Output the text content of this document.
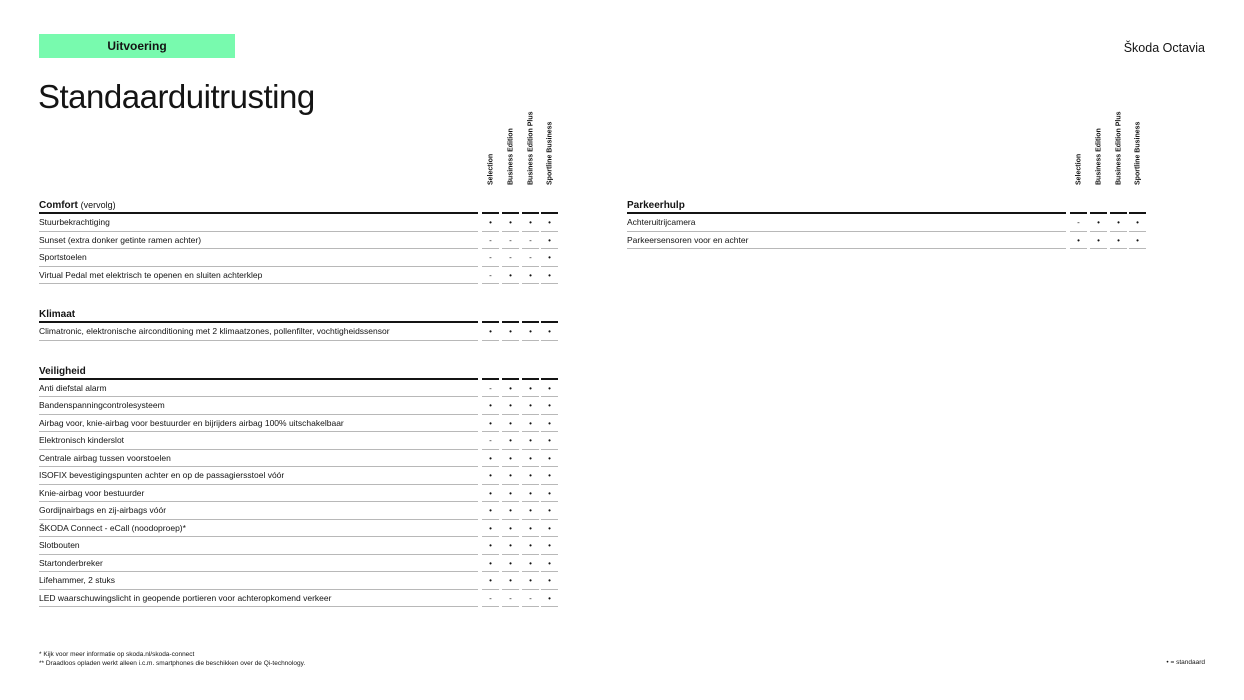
Uitvoering	Škoda Octavia
Standaarduitrusting
Selection Business Edition Business Edition Plus Sportline Business
Comfort (vervolg)
Stuurbekrachtiging	•	•	•	•
Sunset (extra donker getinte ramen achter)	-	-	-	•
Sportstoelen	-	-	-	•
Virtual Pedal met elektrisch te openen en sluiten achterklep	-	•	•	•
Klimaat
Climatronic, elektronische airconditioning met 2 klimaatzones, pollenfilter, vochtigheidssensor	•	•	•	•
Veiligheid
Anti diefstal alarm	-	•	•	•
Bandenspanningcontrolesysteem	•	•	•	•
Airbag voor, knie-airbag voor bestuurder en bijrijders airbag 100% uitschakelbaar	•	•	•	•
Elektronisch kinderslot	-	•	•	•
Centrale airbag tussen voorstoelen	•	•	•	•
ISOFIX bevestigingspunten achter en op de passagiersstoel vóór	•	•	•	•
Knie-airbag voor bestuurder	•	•	•	•
Gordijnairbags en zij-airbags vóór	•	•	•	•
ŠKODA Connect - eCall (noodoproep)*	•	•	•	•
Slotbouten	•	•	•	•
Startonderbreker	•	•	•	•
Lifehammer, 2 stuks	•	•	•	•
LED waarschuwingslicht in geopende portieren voor achteropkomend verkeer	-	-	-	•
Selection Business Edition Business Edition Plus Sportline Business
Parkeerhulp
Achteruitrijcamera	-	•	•	•
Parkeersensoren voor en achter	•	•	•	•
* Kijk voor meer informatie op skoda.nl/skoda-connect
** Draadloos opladen werkt alleen i.c.m. smartphones die beschikken over de Qi-technology.	• = standaard
